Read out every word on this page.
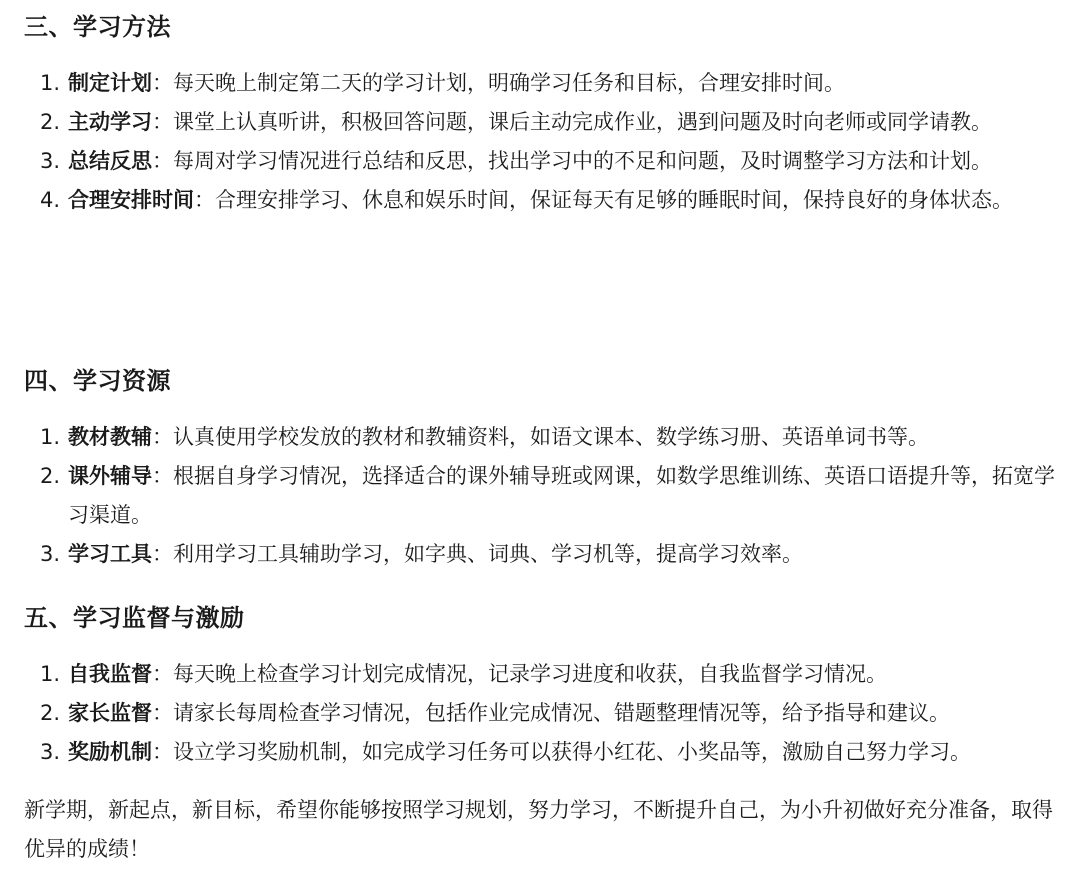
三、学习方法
1. 制定计划：每天晚上制定第二天的学习计划，明确学习任务和目标，合理安排时间。
2. 主动学习：课堂上认真听讲，积极回答问题，课后主动完成作业，遇到问题及时向老师或同学请教。
3. 总结反思：每周对学习情况进行总结和反思，找出学习中的不足和问题，及时调整学习方法和计划。
4. 合理安排时间：合理安排学习、休息和娱乐时间，保证每天有足够的睡眠时间，保持良好的身体状态。
四、学习资源
1. 教材教辅：认真使用学校发放的教材和教辅资料，如语文课本、数学练习册、英语单词书等。
2. 课外辅导：根据自身学习情况，选择适合的课外辅导班或网课，如数学思维训练、英语口语提升等，拓宽学习渠道。
3. 学习工具：利用学习工具辅助学习，如字典、词典、学习机等，提高学习效率。
五、学习监督与激励
1. 自我监督：每天晚上检查学习计划完成情况，记录学习进度和收获，自我监督学习情况。
2. 家长监督：请家长每周检查学习情况，包括作业完成情况、错题整理情况等，给予指导和建议。
3. 奖励机制：设立学习奖励机制，如完成学习任务可以获得小红花、小奖品等，激励自己努力学习。

新学期，新起点，新目标，希望你能够按照学习规划，努力学习，不断提升自己，为小升初做好充分准备，取得优异的成绩！
